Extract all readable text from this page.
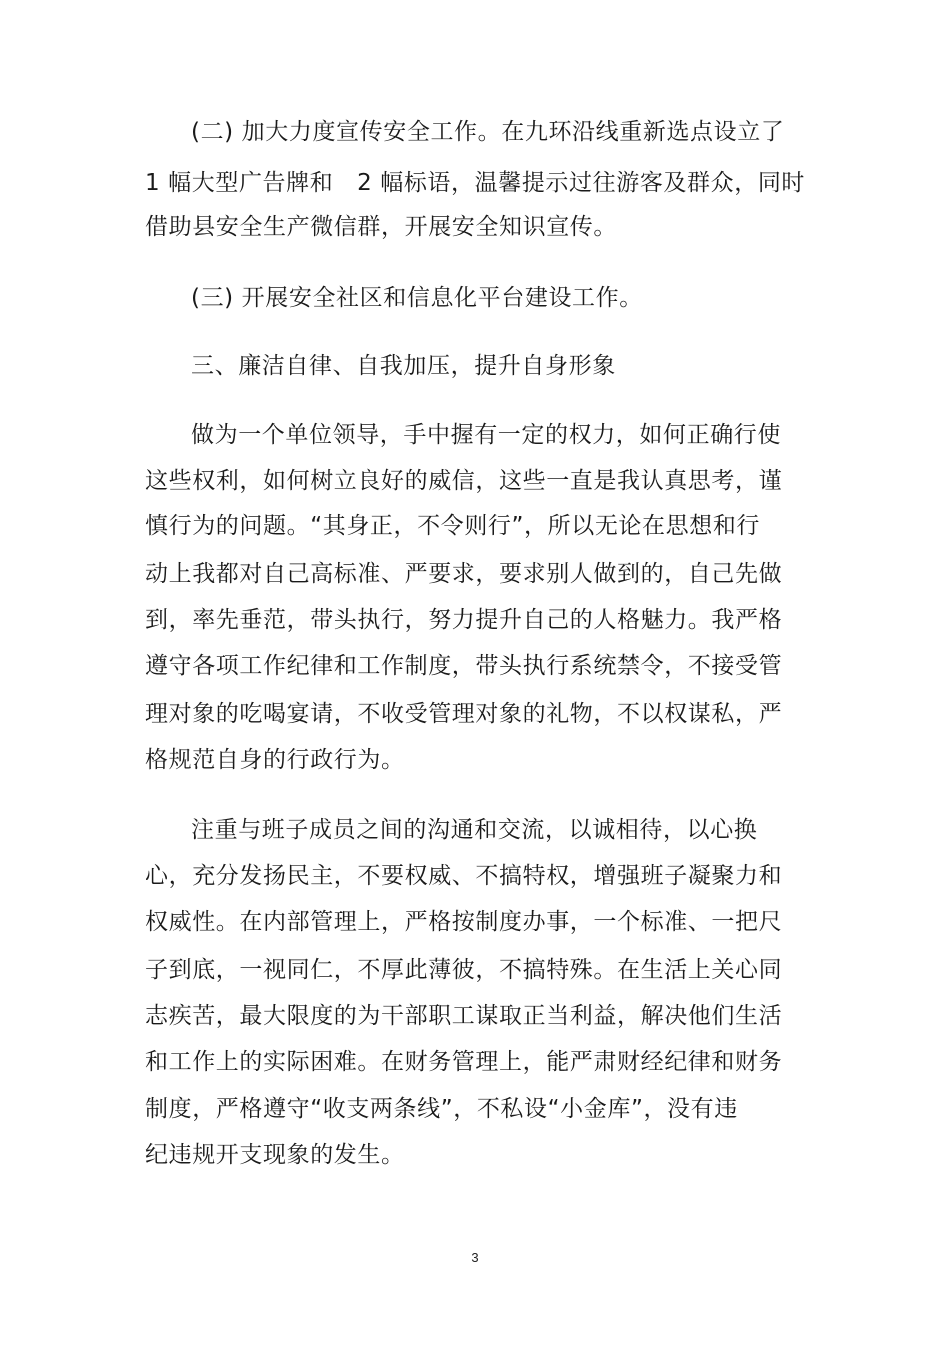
(二) 加大力度宣传安全工作。在九环沿线重新选点设立了
1 幅大型广告牌和   2 幅标语，温馨提示过往游客及群众，同时
借助县安全生产微信群，开展安全知识宣传。
(三) 开展安全社区和信息化平台建设工作。
三、廉洁自律、自我加压，提升自身形象
做为一个单位领导，手中握有一定的权力，如何正确行使
这些权利，如何树立良好的威信，这些一直是我认真思考，谨
慎行为的问题。“其身正，不令则行”，所以无论在思想和行
动上我都对自己高标准、严要求，要求别人做到的，自己先做
到，率先垂范，带头执行，努力提升自己的人格魅力。我严格
遵守各项工作纪律和工作制度，带头执行系统禁令，不接受管
理对象的吃喝宴请，不收受管理对象的礼物，不以权谋私，严
格规范自身的行政行为。
注重与班子成员之间的沟通和交流，以诚相待，以心换
心，充分发扬民主，不要权威、不搞特权，增强班子凝聚力和
权威性。在内部管理上，严格按制度办事，一个标准、一把尺
子到底，一视同仁，不厚此薄彼，不搞特殊。在生活上关心同
志疾苦，最大限度的为干部职工谋取正当利益，解决他们生活
和工作上的实际困难。在财务管理上，能严肃财经纪律和财务
制度，严格遵守“收支两条线”，不私设“小金库”，没有违
纪违规开支现象的发生。
3
